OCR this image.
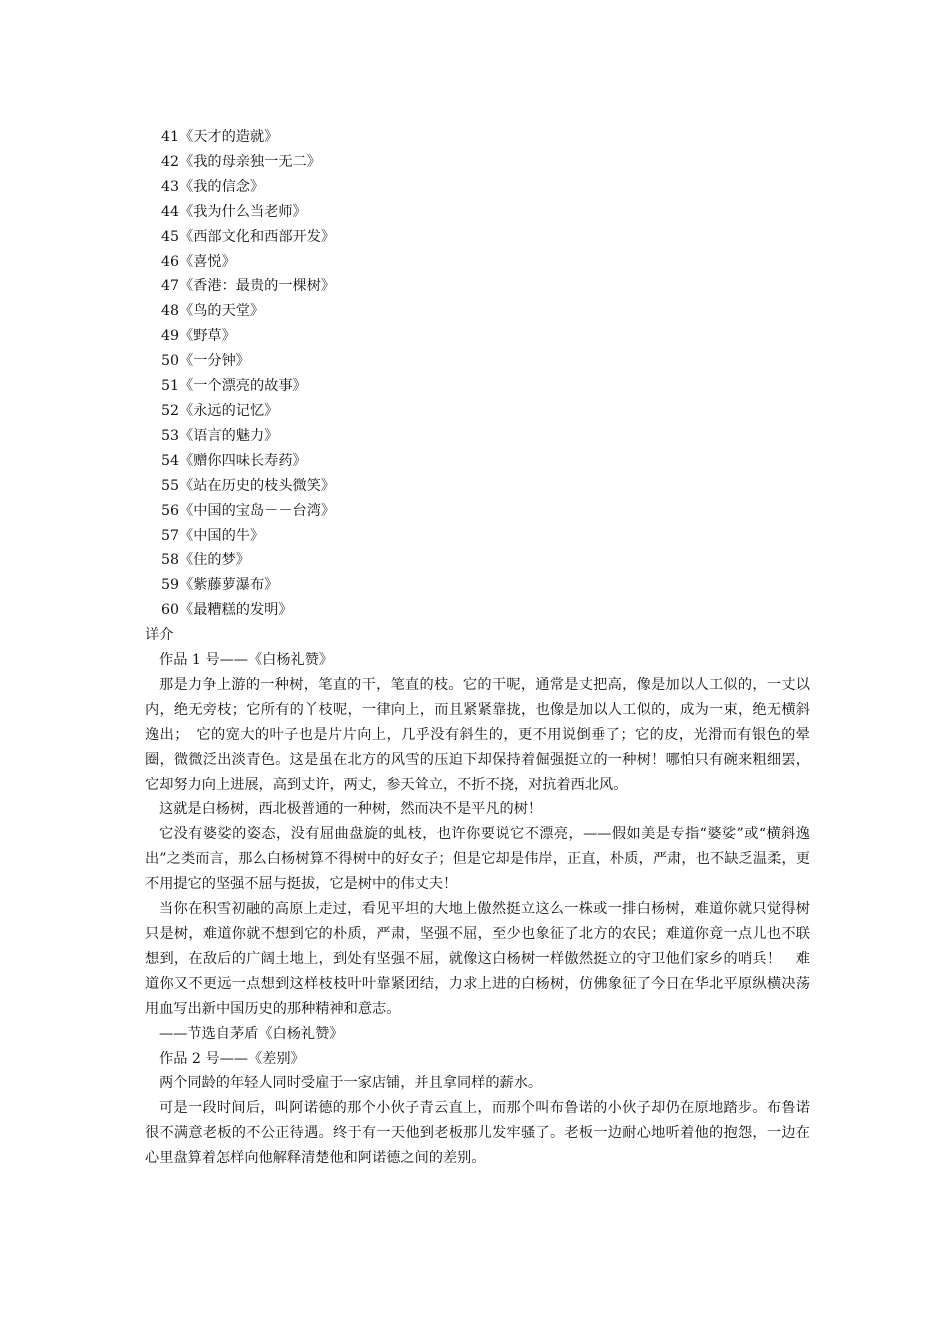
41《天才的造就》
42《我的母亲独一无二》
43《我的信念》
44《我为什么当老师》
45《西部文化和西部开发》
46《喜悦》
47《香港：最贵的一棵树》
48《鸟的天堂》
49《野草》
50《一分钟》
51《一个漂亮的故事》
52《永远的记忆》
53《语言的魅力》
54《赠你四味长寿药》
55《站在历史的枝头微笑》
56《中国的宝岛－－台湾》
57《中国的牛》
58《住的梦》
59《紫藤萝瀑布》
60《最糟糕的发明》
详介
作品 1 号——《白杨礼赞》

那是力争上游的一种树，笔直的干，笔直的枝。它的干呢，通常是丈把高，像是加以人工似的，一丈以内，绝无旁枝；它所有的丫枝呢，一律向上，而且紧紧靠拢，也像是加以人工似的，成为一束，绝无横斜逸出；　它的宽大的叶子也是片片向上，几乎没有斜生的，更不用说倒垂了；它的皮，光滑而有银色的晕圈，微微泛出淡青色。这是虽在北方的风雪的压迫下却保持着倔强挺立的一种树！哪怕只有碗来粗细罢，它却努力向上进展，高到丈许，两丈，参天耸立，不折不挠，对抗着西北风。

这就是白杨树，西北极普通的一种树，然而决不是平凡的树！

它没有婆娑的姿态，没有屈曲盘旋的虬枝，也许你要说它不漂亮，——假如美是专指“婆娑”或“横斜逸出”之类而言，那么白杨树算不得树中的好女子；但是它却是伟岸，正直，朴质，严肃，也不缺乏温柔，更不用提它的坚强不屈与挺拔，它是树中的伟丈夫！

当你在积雪初融的高原上走过，看见平坦的大地上傲然挺立这么一株或一排白杨树，难道你就只觉得树只是树，难道你就不想到它的朴质，严肃，坚强不屈，至少也象征了北方的农民；难道你竟一点儿也不联想到，在敌后的广阔土地上，到处有坚强不屈，就像这白杨树一样傲然挺立的守卫他们家乡的哨兵！　难道你又不更远一点想到这样枝枝叶叶靠紧团结，力求上进的白杨树，仿佛象征了今日在华北平原纵横决荡用血写出新中国历史的那种精神和意志。

——节选自茅盾《白杨礼赞》
作品 2 号——《差别》

两个同龄的年轻人同时受雇于一家店铺，并且拿同样的薪水。

可是一段时间后，叫阿诺德的那个小伙子青云直上，而那个叫布鲁诺的小伙子却仍在原地踏步。布鲁诺很不满意老板的不公正待遇。终于有一天他到老板那儿发牢骚了。老板一边耐心地听着他的抱怨，一边在心里盘算着怎样向他解释清楚他和阿诺德之间的差别。
